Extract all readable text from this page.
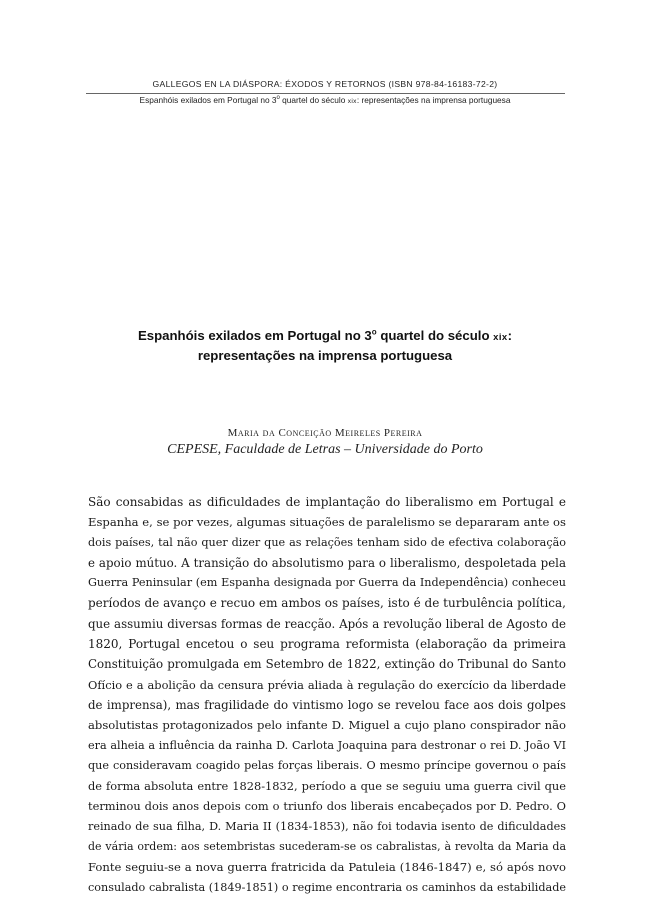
GALLEGOS EN LA DIÁSPORA: ÉXODOS Y RETORNOS (ISBN 978-84-16183-72-2)
Espanhóis exilados em Portugal no 3$^o$ quartel do século xix: representações na imprensa portuguesa
Espanhóis exilados em Portugal no 3$^o$ quartel do século xix:
representações na imprensa portuguesa
Maria da Conceição Meireles Pereira
CEPESE, Faculdade de Letras – Universidade do Porto
São consabidas as dificuldades de implantação do liberalismo em Portugal e
Espanha e, se por vezes, algumas situações de paralelismo se depararam ante os
dois países, tal não quer dizer que as relações tenham sido de efectiva colaboração
e apoio mútuo. A transição do absolutismo para o liberalismo, despoletada pela
Guerra Peninsular (em Espanha designada por Guerra da Independência) conheceu
períodos de avanço e recuo em ambos os países, isto é de turbulência política,
que assumiu diversas formas de reacção. Após a revolução liberal de Agosto de
1820, Portugal encetou o seu programa reformista (elaboração da primeira
Constituição promulgada em Setembro de 1822, extinção do Tribunal do Santo
Ofício e a abolição da censura prévia aliada à regulação do exercício da liberdade
de imprensa), mas fragilidade do vintismo logo se revelou face aos dois golpes
absolutistas protagonizados pelo infante D. Miguel a cujo plano conspirador não
era alheia a influência da rainha D. Carlota Joaquina para destronar o rei D. João VI
que consideravam coagido pelas forças liberais. O mesmo príncipe governou o país
de forma absoluta entre 1828-1832, período a que se seguiu uma guerra civil que
terminou dois anos depois com o triunfo dos liberais encabeçados por D. Pedro. O
reinado de sua filha, D. Maria II (1834-1853), não foi todavia isento de dificuldades
de vária ordem: aos setembristas sucederam-se os cabralistas, à revolta da Maria da
Fonte seguiu-se a nova guerra fratricida da Patuleia (1846-1847) e, só após novo
consulado cabralista (1849-1851) o regime encontraria os caminhos da estabilidade
